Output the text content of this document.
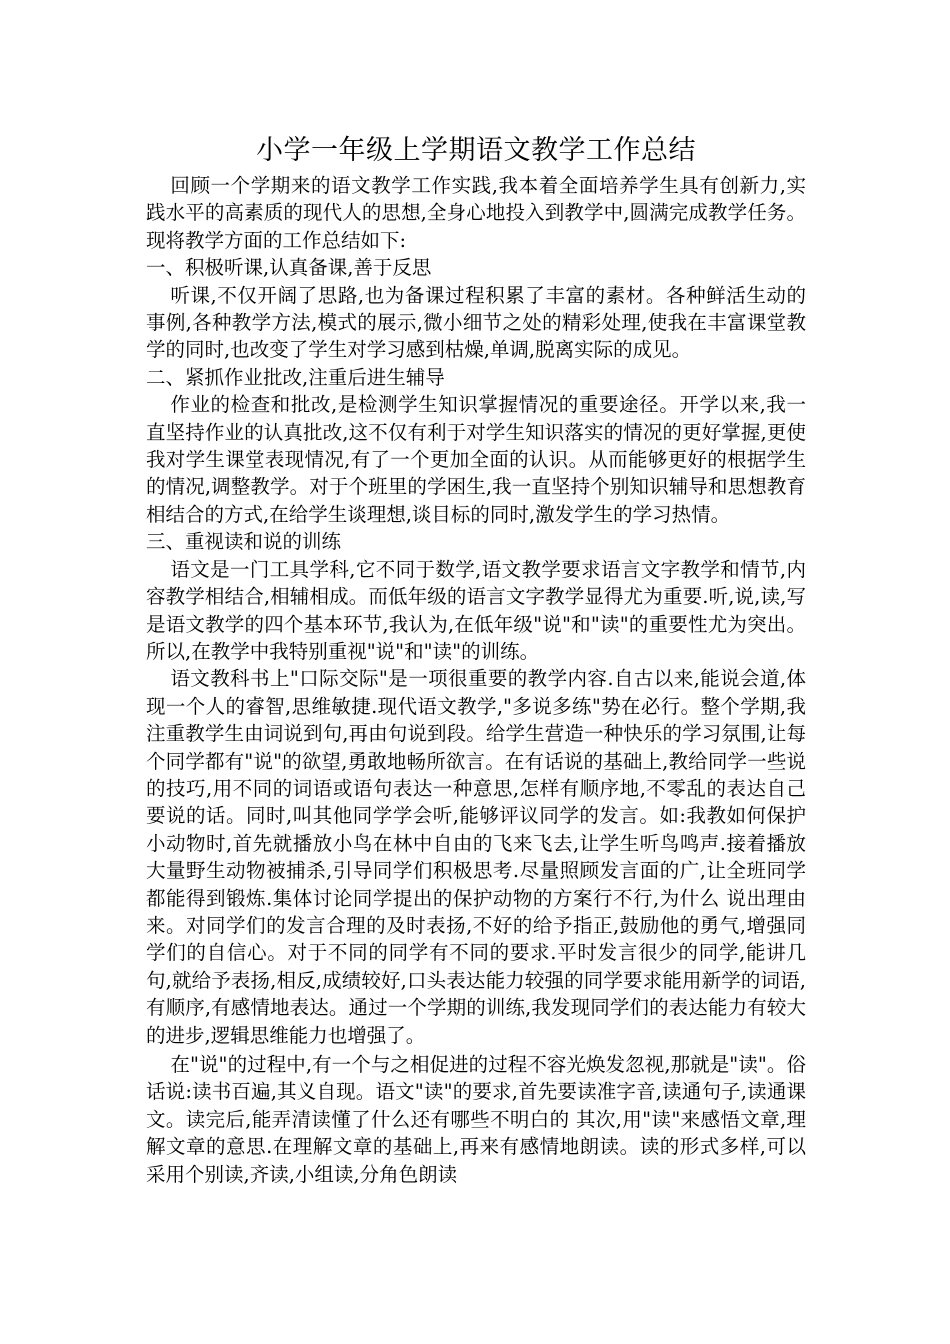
小学一年级上学期语文教学工作总结

回顾一个学期来的语文教学工作实践,我本着全面培养学生具有创新力,实践水平的高素质的现代人的思想,全身心地投入到教学中,圆满完成教学任务。现将教学方面的工作总结如下:

一、积极听课,认真备课,善于反思

听课,不仅开阔了思路,也为备课过程积累了丰富的素材。各种鲜活生动的事例,各种教学方法,模式的展示,微小细节之处的精彩处理,使我在丰富课堂教学的同时,也改变了学生对学习感到枯燥,单调,脱离实际的成见。

二、紧抓作业批改,注重后进生辅导

作业的检查和批改,是检测学生知识掌握情况的重要途径。开学以来,我一直坚持作业的认真批改,这不仅有利于对学生知识落实的情况的更好掌握,更使我对学生课堂表现情况,有了一个更加全面的认识。从而能够更好的根据学生的情况,调整教学。对于个班里的学困生,我一直坚持个别知识辅导和思想教育相结合的方式,在给学生谈理想,谈目标的同时,激发学生的学习热情。

三、重视读和说的训练

语文是一门工具学科,它不同于数学,语文教学要求语言文字教学和情节,内容教学相结合,相辅相成。而低年级的语言文字教学显得尤为重要.听,说,读,写是语文教学的四个基本环节,我认为,在低年级"说"和"读"的重要性尤为突出。所以,在教学中我特别重视"说"和"读"的训练。

语文教科书上"口际交际"是一项很重要的教学内容.自古以来,能说会道,体现一个人的睿智,思维敏捷.现代语文教学,"多说多练"势在必行。整个学期,我注重教学生由词说到句,再由句说到段。给学生营造一种快乐的学习氛围,让每个同学都有"说"的欲望,勇敢地畅所欲言。在有话说的基础上,教给同学一些说的技巧,用不同的词语或语句表达一种意思,怎样有顺序地,不零乱的表达自己要说的话。同时,叫其他同学学会听,能够评议同学的发言。如:我教如何保护小动物时,首先就播放小鸟在林中自由的飞来飞去,让学生听鸟鸣声.接着播放大量野生动物被捕杀,引导同学们积极思考.尽量照顾发言面的广,让全班同学都能得到锻炼.集体讨论同学提出的保护动物的方案行不行,为什么 说出理由来。对同学们的发言合理的及时表扬,不好的给予指正,鼓励他的勇气,增强同学们的自信心。对于不同的同学有不同的要求.平时发言很少的同学,能讲几句,就给予表扬,相反,成绩较好,口头表达能力较强的同学要求能用新学的词语,有顺序,有感情地表达。通过一个学期的训练,我发现同学们的表达能力有较大的进步,逻辑思维能力也增强了。

在"说"的过程中,有一个与之相促进的过程不容光焕发忽视,那就是"读"。俗话说:读书百遍,其义自现。语文"读"的要求,首先要读准字音,读通句子,读通课文。读完后,能弄清读懂了什么还有哪些不明白的 其次,用"读"来感悟文章,理解文章的意思.在理解文章的基础上,再来有感情地朗读。读的形式多样,可以采用个别读,齐读,小组读,分角色朗读
